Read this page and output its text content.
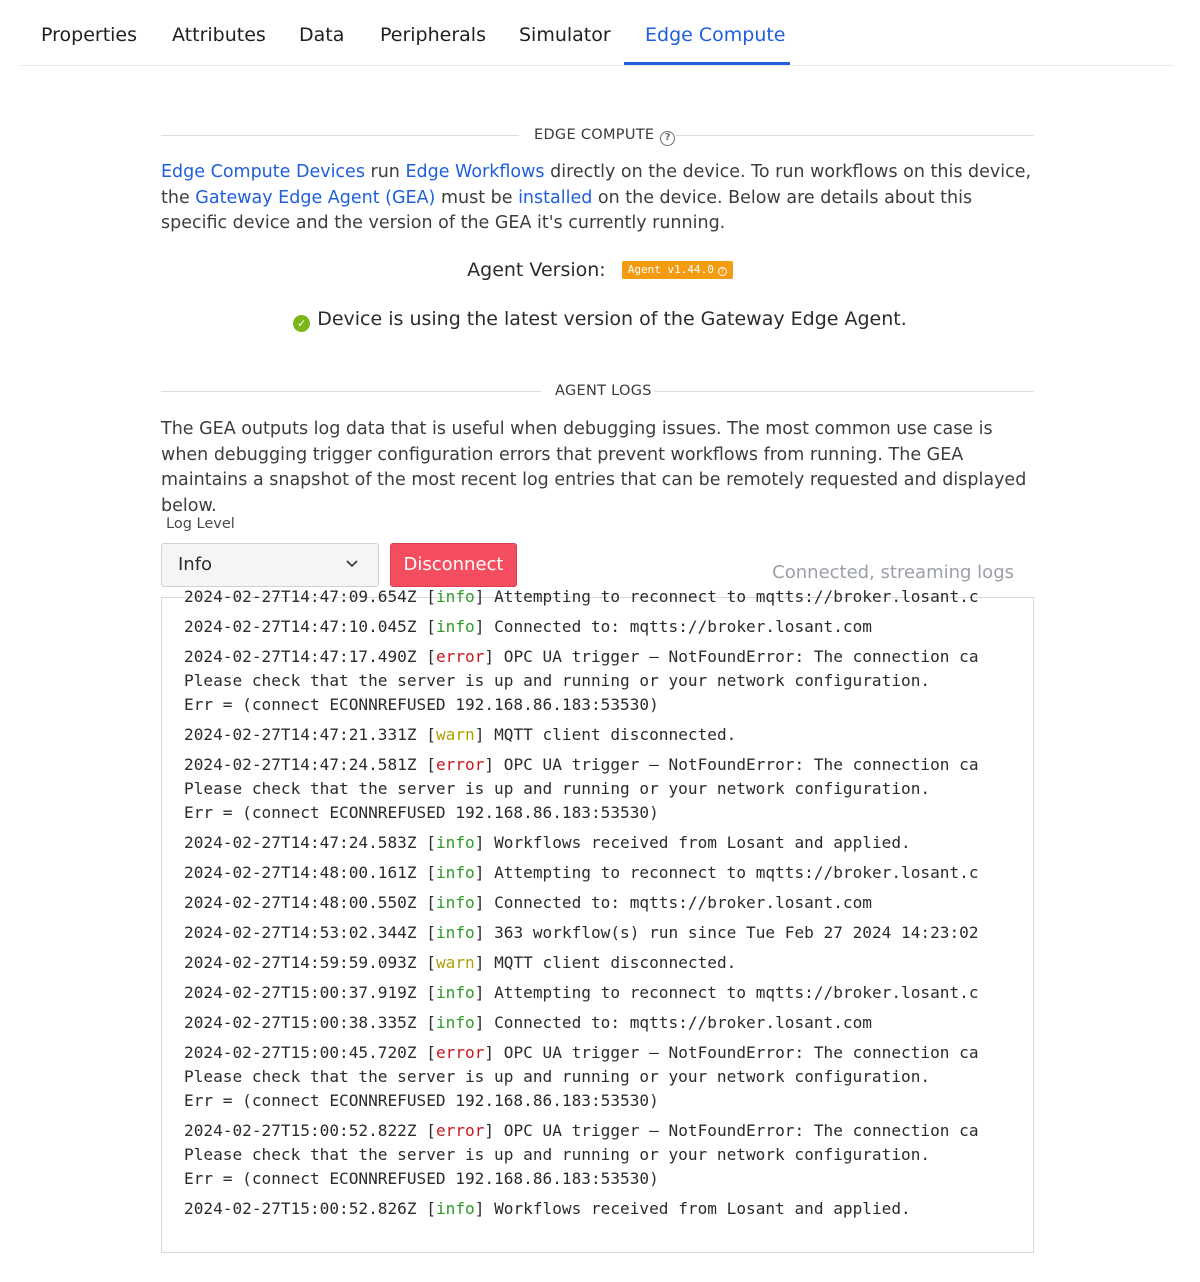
Properties Attributes Data Peripherals Simulator Edge Compute
EDGE COMPUTE ?
Edge Compute Devices run Edge Workflows directly on the device. To run workflows on this device, the Gateway Edge Agent (GEA) must be installed on the device. Below are details about this specific device and the version of the GEA it's currently running.
Agent Version: Agent v1.44.0 ?
✓ Device is using the latest version of the Gateway Edge Agent.
AGENT LOGS
The GEA outputs log data that is useful when debugging issues. The most common use case is when debugging trigger configuration errors that prevent workflows from running. The GEA maintains a snapshot of the most recent log entries that can be remotely requested and displayed below.
Log Level
Info	Disconnect	Connected, streaming logs
2024-02-27T14:47:09.654Z [info] Attempting to reconnect to mqtts://broker.losant.c
2024-02-27T14:47:10.045Z [info] Connected to: mqtts://broker.losant.com
2024-02-27T14:47:17.490Z [error] OPC UA trigger – NotFoundError: The connection ca
Please check that the server is up and running or your network configuration.
Err = (connect ECONNREFUSED 192.168.86.183:53530)
2024-02-27T14:47:21.331Z [warn] MQTT client disconnected.
2024-02-27T14:47:24.581Z [error] OPC UA trigger – NotFoundError: The connection ca
Please check that the server is up and running or your network configuration.
Err = (connect ECONNREFUSED 192.168.86.183:53530)
2024-02-27T14:47:24.583Z [info] Workflows received from Losant and applied.
2024-02-27T14:48:00.161Z [info] Attempting to reconnect to mqtts://broker.losant.c
2024-02-27T14:48:00.550Z [info] Connected to: mqtts://broker.losant.com
2024-02-27T14:53:02.344Z [info] 363 workflow(s) run since Tue Feb 27 2024 14:23:02
2024-02-27T14:59:59.093Z [warn] MQTT client disconnected.
2024-02-27T15:00:37.919Z [info] Attempting to reconnect to mqtts://broker.losant.c
2024-02-27T15:00:38.335Z [info] Connected to: mqtts://broker.losant.com
2024-02-27T15:00:45.720Z [error] OPC UA trigger – NotFoundError: The connection ca
Please check that the server is up and running or your network configuration.
Err = (connect ECONNREFUSED 192.168.86.183:53530)
2024-02-27T15:00:52.822Z [error] OPC UA trigger – NotFoundError: The connection ca
Please check that the server is up and running or your network configuration.
Err = (connect ECONNREFUSED 192.168.86.183:53530)
2024-02-27T15:00:52.826Z [info] Workflows received from Losant and applied.
